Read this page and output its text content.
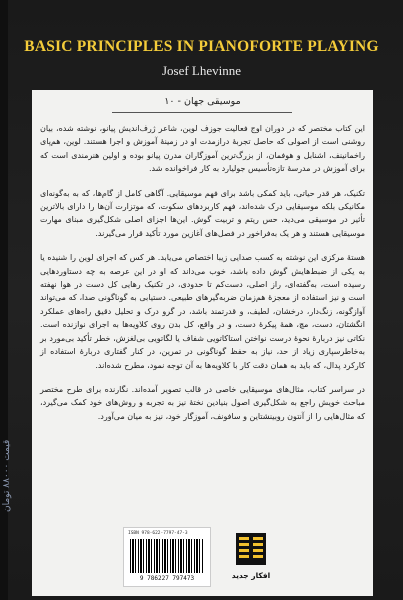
BASIC PRINCIPLES IN PIANOFORTE PLAYING
Josef Lhevinne
موسیقی جهان - ۱۰

این کتاب مختصر که در دوران اوج فعالیت جوزف لوین، شاعر ژرف‌اندیش پیانو، نوشته شده، بیان روشنی است از اصولی که حاصل تجربهٔ درازمدت او در زمینهٔ آموزش و اجرا هستند. لوین، هم‌پای راخمانینف، اشنابل و هوفمان، از بزرگ‌ترین آموزگاران مدرن پیانو بوده و اولین هنرمندی است که برای آموزش در مدرسهٔ تازه‌تأسیس جولیارد به کار فراخوانده شد.

تکنیک، هر قدر حیاتی، باید کمکی باشد برای فهم موسیقایی. آگاهی کامل از گام‌ها، که به به‌گونه‌ای مکانیکی بلکه موسیقایی درک شده‌اند، فهم کاربردهای سکوت، که موتزارت آن‌ها را دارای بالاترین تأثیر در موسیقی می‌دید، حس ریتم و تربیت گوش. این‌ها اجزای اصلی شکل‌گیری مبنای مهارت موسیقایی هستند و هر یک به‌فراخور در فصل‌های آغازین مورد تأکید قرار می‌گیرند.

هستهٔ مرکزی این نوشته به کسب صدایی زیبا اختصاص می‌یابد. هر کس که اجرای لوین را شنیده یا به یکی از ضبط‌هایش گوش داده باشد، خوب می‌داند که او در این عرصه به چه دستاوردهایی رسیده است، به‌گفته‌ای، راز اصلی، دست‌کم تا حدودی، در تکنیک رهایی کل دست در هوا نهفته است و نیز استفاده از معجزهٔ هم‌زمان ضربه‌گیرهای طبیعی. دستیابی به گوناگونی صدا، که می‌تواند آوازگونه، زنگ‌دار، درخشان، لطیف، و قدرتمند باشد، در گرو درک و تحلیل دقیق راه‌های عملکرد انگشتان، دست، مچ، همهٔ پیکرهٔ دست، و در واقع، کل بدن روی کلاویه‌ها به اجرای نوازنده است. نکاتی نیز دربارهٔ نحوهٔ درست نواختن استاکاتویی شفاف یا لگاتویی بی‌لغزش، خطر تأکید بی‌مورد بر به‌خاطرسپاری زیاد از حد، نیاز به حفظ گوناگونی در تمرین، در کنار گفتاری دربارهٔ استفاده از کارکرد پدال، که باید به همان دقت کار با کلاویه‌ها به آن توجه نمود، مطرح شده‌اند.

در سراسر کتاب، مثال‌های موسیقایی خاصی در قالب تصویر آمده‌اند. نگارنده برای طرح مختصر مباحث خویش راجع به شکل‌گیری اصول بنیادین نختهٔ نیز به تجربه و روش‌های خود کمک می‌گیرد، که مثال‌هایی را از آنتون روبینشتاین و سافونف، آموزگار خود، نیز به میان می‌آورد.

ISBN 978-622-7797-47-3
9 786227 797473	افکار جدید
قیمت ۸۸۰۰۰ تومان
